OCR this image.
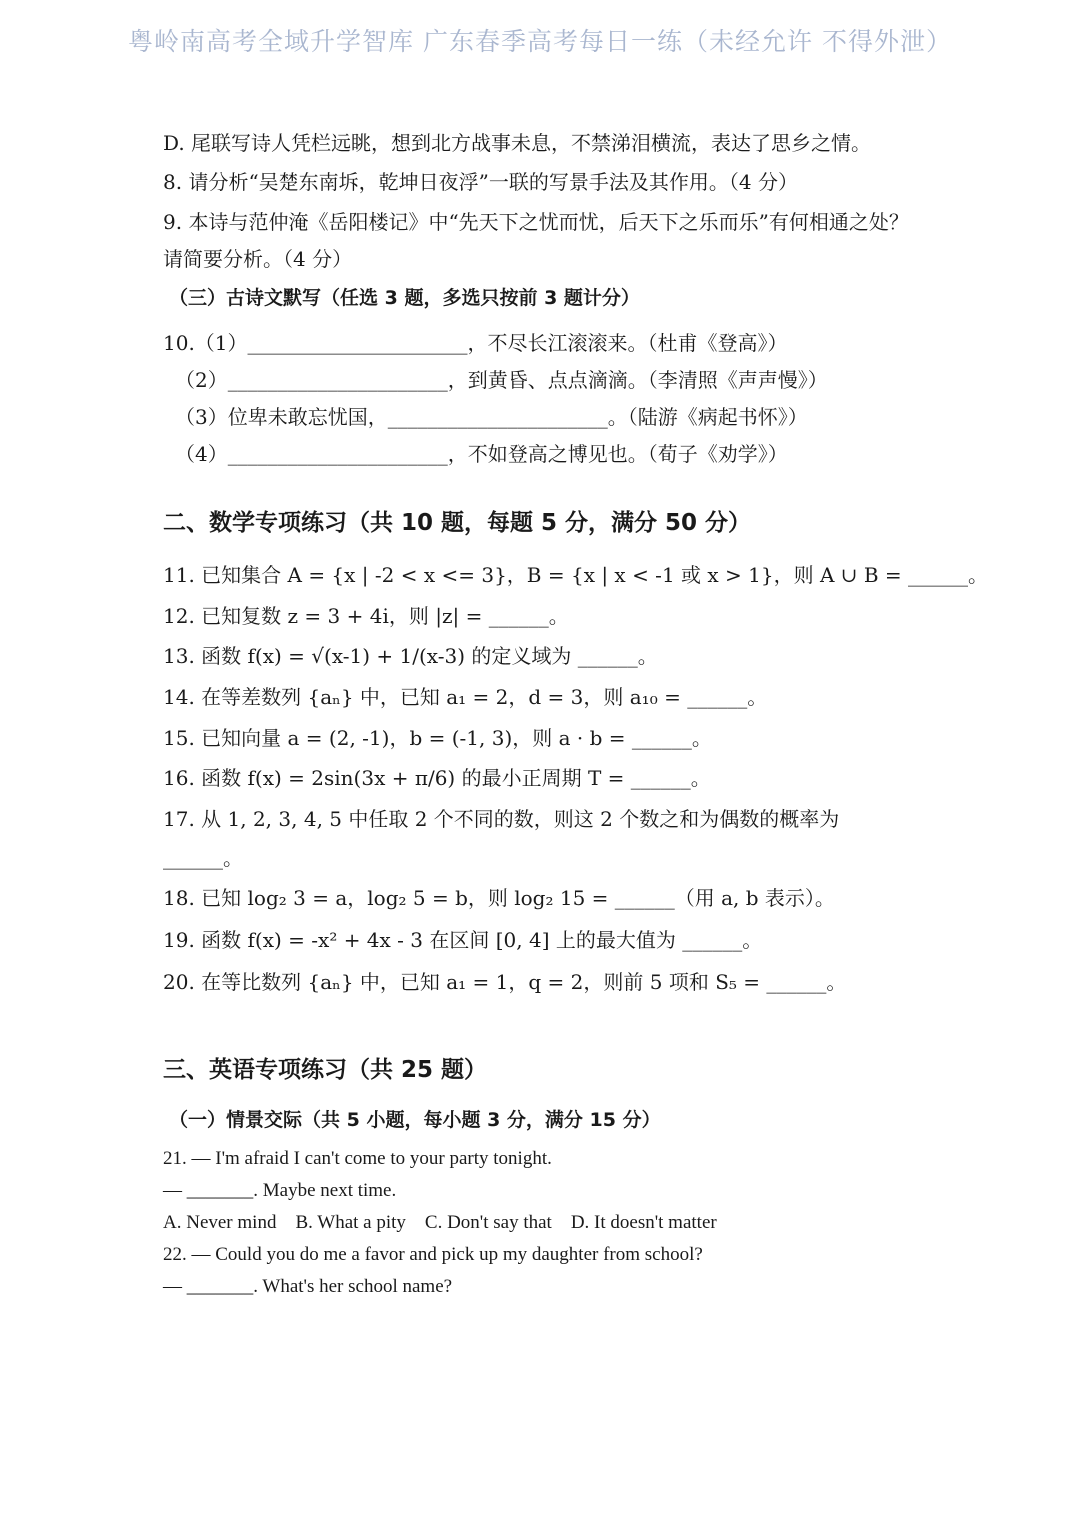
粤岭南高考全域升学智库 广东春季高考每日一练（未经允许 不得外泄）

D. 尾联写诗人凭栏远眺，想到北方战事未息，不禁涕泪横流，表达了思乡之情。

8. 请分析“吴楚东南坼，乾坤日夜浮”一联的写景手法及其作用。（4 分）

9. 本诗与范仲淹《岳阳楼记》中“先天下之忧而忧，后天下之乐而乐”有何相通之处？请简要分析。（4 分）

（三）古诗文默写（任选 3 题，多选只按前 3 题计分）

10.（1）______________________，不尽长江滚滚来。（杜甫《登高》）

（2）______________________，到黄昏、点点滴滴。（李清照《声声慢》）

（3）位卑未敢忘忧国，______________________。（陆游《病起书怀》）

（4）______________________，不如登高之博见也。（荀子《劝学》）

二、数学专项练习（共 10 题，每题 5 分，满分 50 分）

11. 已知集合 A = {x | -2 < x <= 3}，B = {x | x < -1 或 x > 1}，则 A ∪ B = ______。

12. 已知复数 z = 3 + 4i，则 |z| = ______。

13. 函数 f(x) = √(x-1) + 1/(x-3) 的定义域为 ______。

14. 在等差数列 {aₙ} 中，已知 a₁ = 2，d = 3，则 a₁₀ = ______。

15. 已知向量 a = (2, -1)，b = (-1, 3)，则 a · b = ______。

16. 函数 f(x) = 2sin(3x + π/6) 的最小正周期 T = ______。

17. 从 1, 2, 3, 4, 5 中任取 2 个不同的数，则这 2 个数之和为偶数的概率为

______。

18. 已知 log₂ 3 = a，log₂ 5 = b，则 log₂ 15 = ______（用 a, b 表示）。

19. 函数 f(x) = -x² + 4x - 3 在区间 [0, 4] 上的最大值为 ______。

20. 在等比数列 {aₙ} 中，已知 a₁ = 1，q = 2，则前 5 项和 S₅ = ______。

三、英语专项练习（共 25 题）

（一）情景交际（共 5 小题，每小题 3 分，满分 15 分）

21. — I'm afraid I can't come to your party tonight.

— _______. Maybe next time.

A. Never mind    B. What a pity    C. Don't say that    D. It doesn't matter

22. — Could you do me a favor and pick up my daughter from school?

— _______. What's her school name?
